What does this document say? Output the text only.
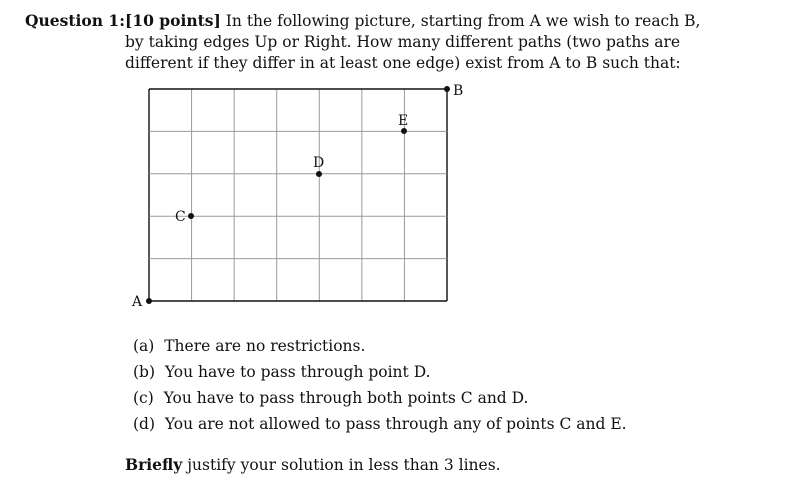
Question 1: [10 points] In the following picture, starting from A we wish to reach B,
by taking edges Up or Right. How many different paths (two paths are
different if they differ in at least one edge) exist from A to B such that:
A
B
C
D
E
(a) There are no restrictions.
(b) You have to pass through point D.
(c) You have to pass through both points C and D.
(d) You are not allowed to pass through any of points C and E.
Briefly justify your solution in less than 3 lines.
